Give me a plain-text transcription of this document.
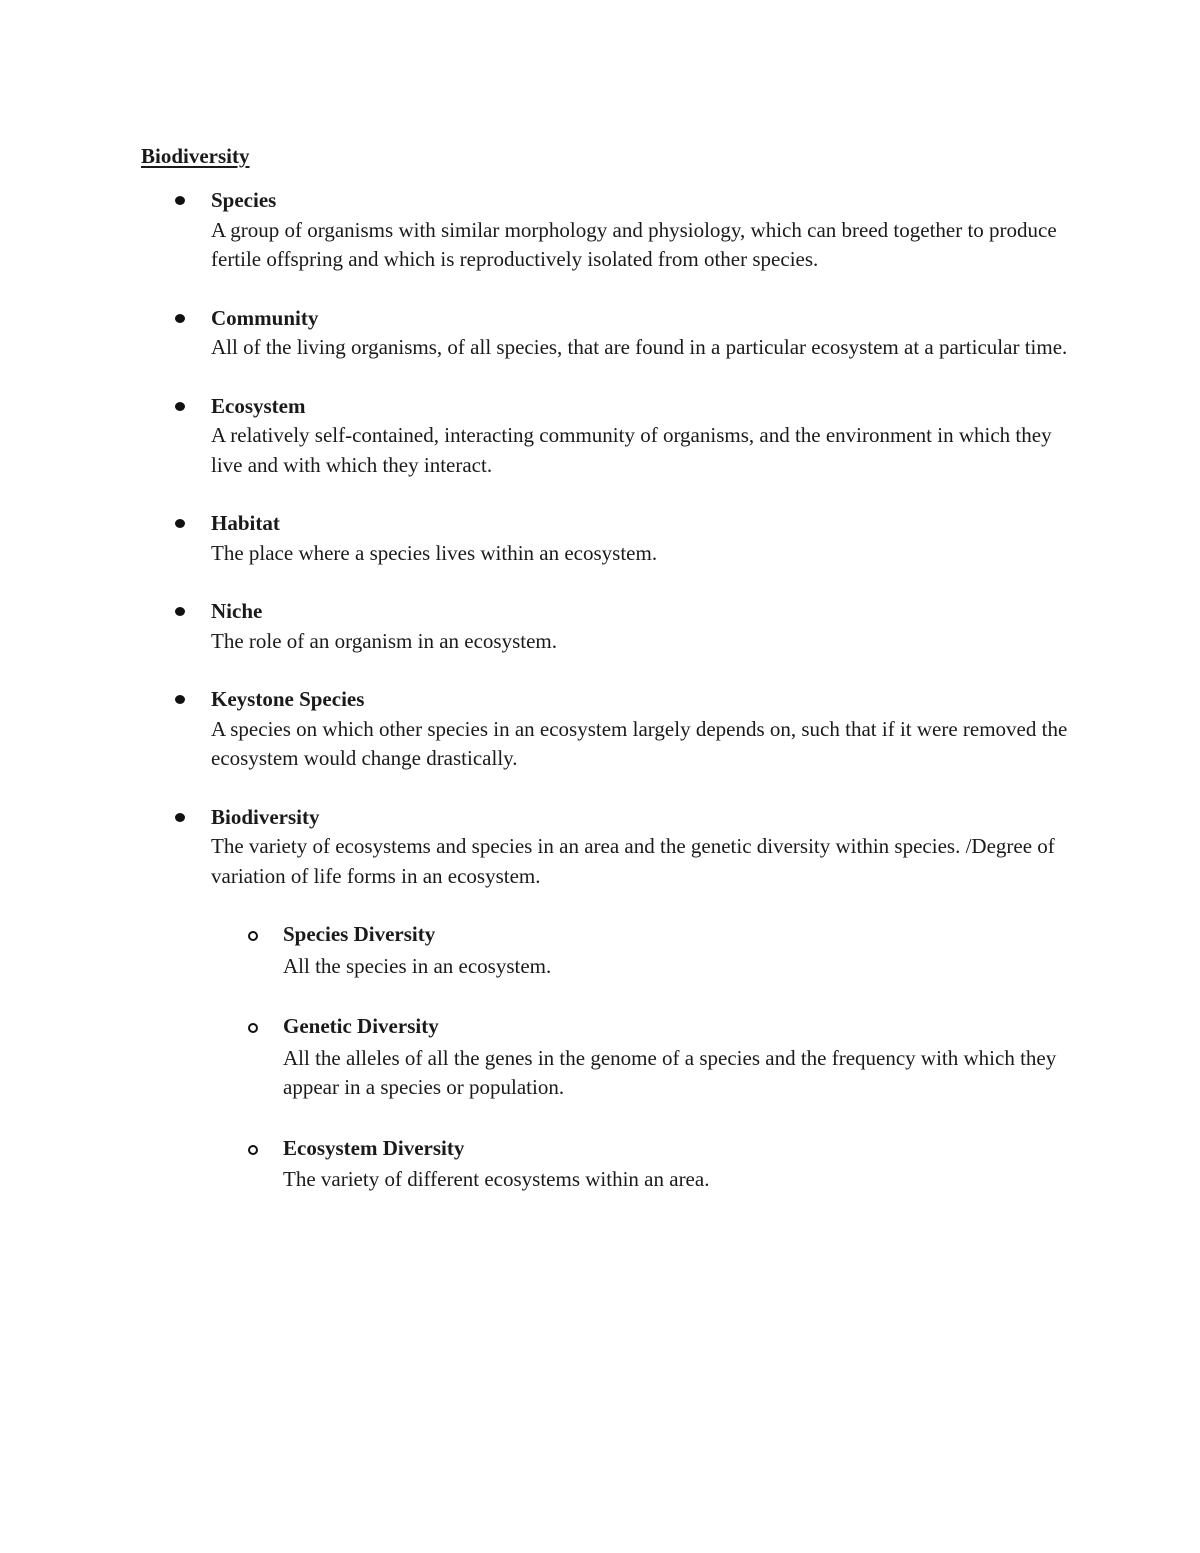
Biodiversity
Species
A group of organisms with similar morphology and physiology, which can breed together to produce fertile offspring and which is reproductively isolated from other species.
Community
All of the living organisms, of all species, that are found in a particular ecosystem at a particular time.
Ecosystem
A relatively self-contained, interacting community of organisms, and the environment in which they live and with which they interact.
Habitat
The place where a species lives within an ecosystem.
Niche
The role of an organism in an ecosystem.
Keystone Species
A species on which other species in an ecosystem largely depends on, such that if it were removed the ecosystem would change drastically.
Biodiversity
The variety of ecosystems and species in an area and the genetic diversity within species. /Degree of variation of life forms in an ecosystem.
Species Diversity
All the species in an ecosystem.
Genetic Diversity
All the alleles of all the genes in the genome of a species and the frequency with which they appear in a species or population.
Ecosystem Diversity
The variety of different ecosystems within an area.
